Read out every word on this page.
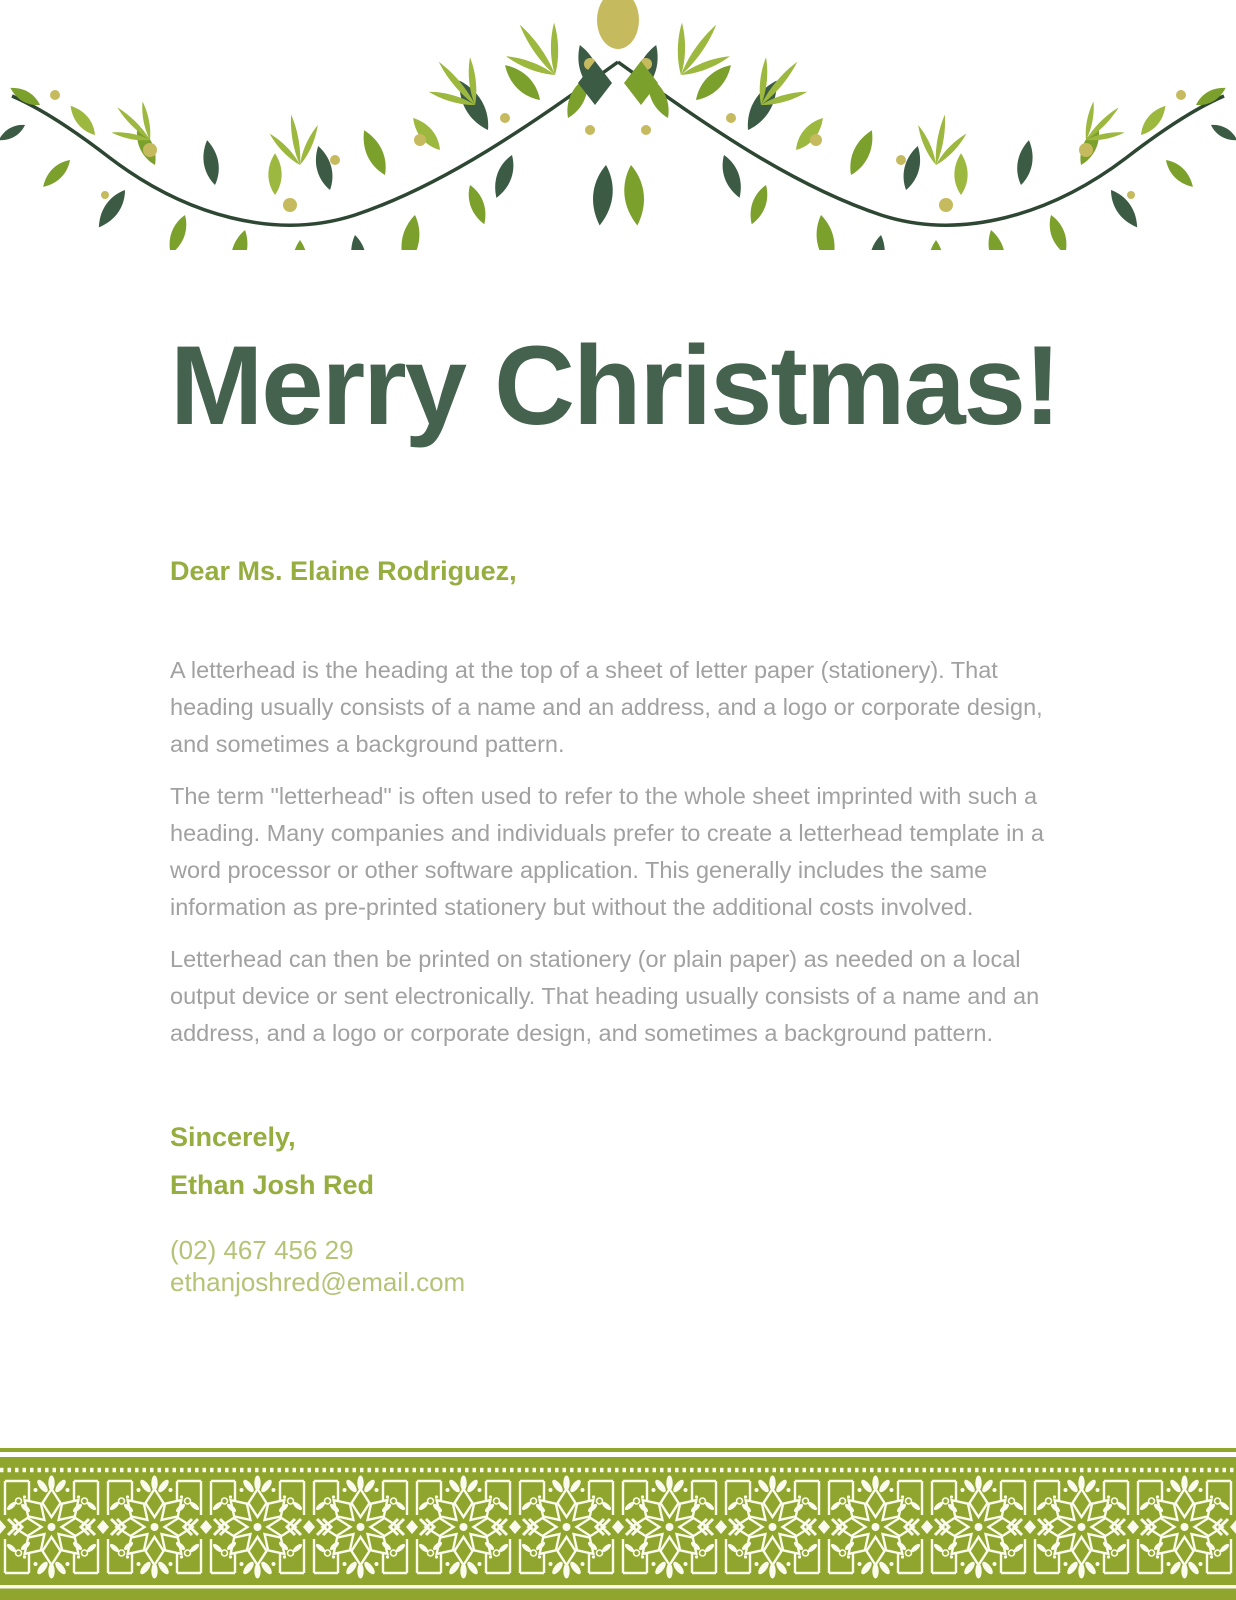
Merry Christmas!
Dear Ms. Elaine Rodriguez,

A letterhead is the heading at the top of a sheet of letter paper (stationery). That heading usually consists of a name and an address, and a logo or corporate design, and sometimes a background pattern.

The term "letterhead" is often used to refer to the whole sheet imprinted with such a heading. Many companies and individuals prefer to create a letterhead template in a word processor or other software application. This generally includes the same information as pre-printed stationery but without the additional costs involved.

Letterhead can then be printed on stationery (or plain paper) as needed on a local output device or sent electronically. That heading usually consists of a name and an address, and a logo or corporate design, and sometimes a background pattern.

Sincerely,
Ethan Josh Red
(02) 467 456 29
ethanjoshred@email.com
